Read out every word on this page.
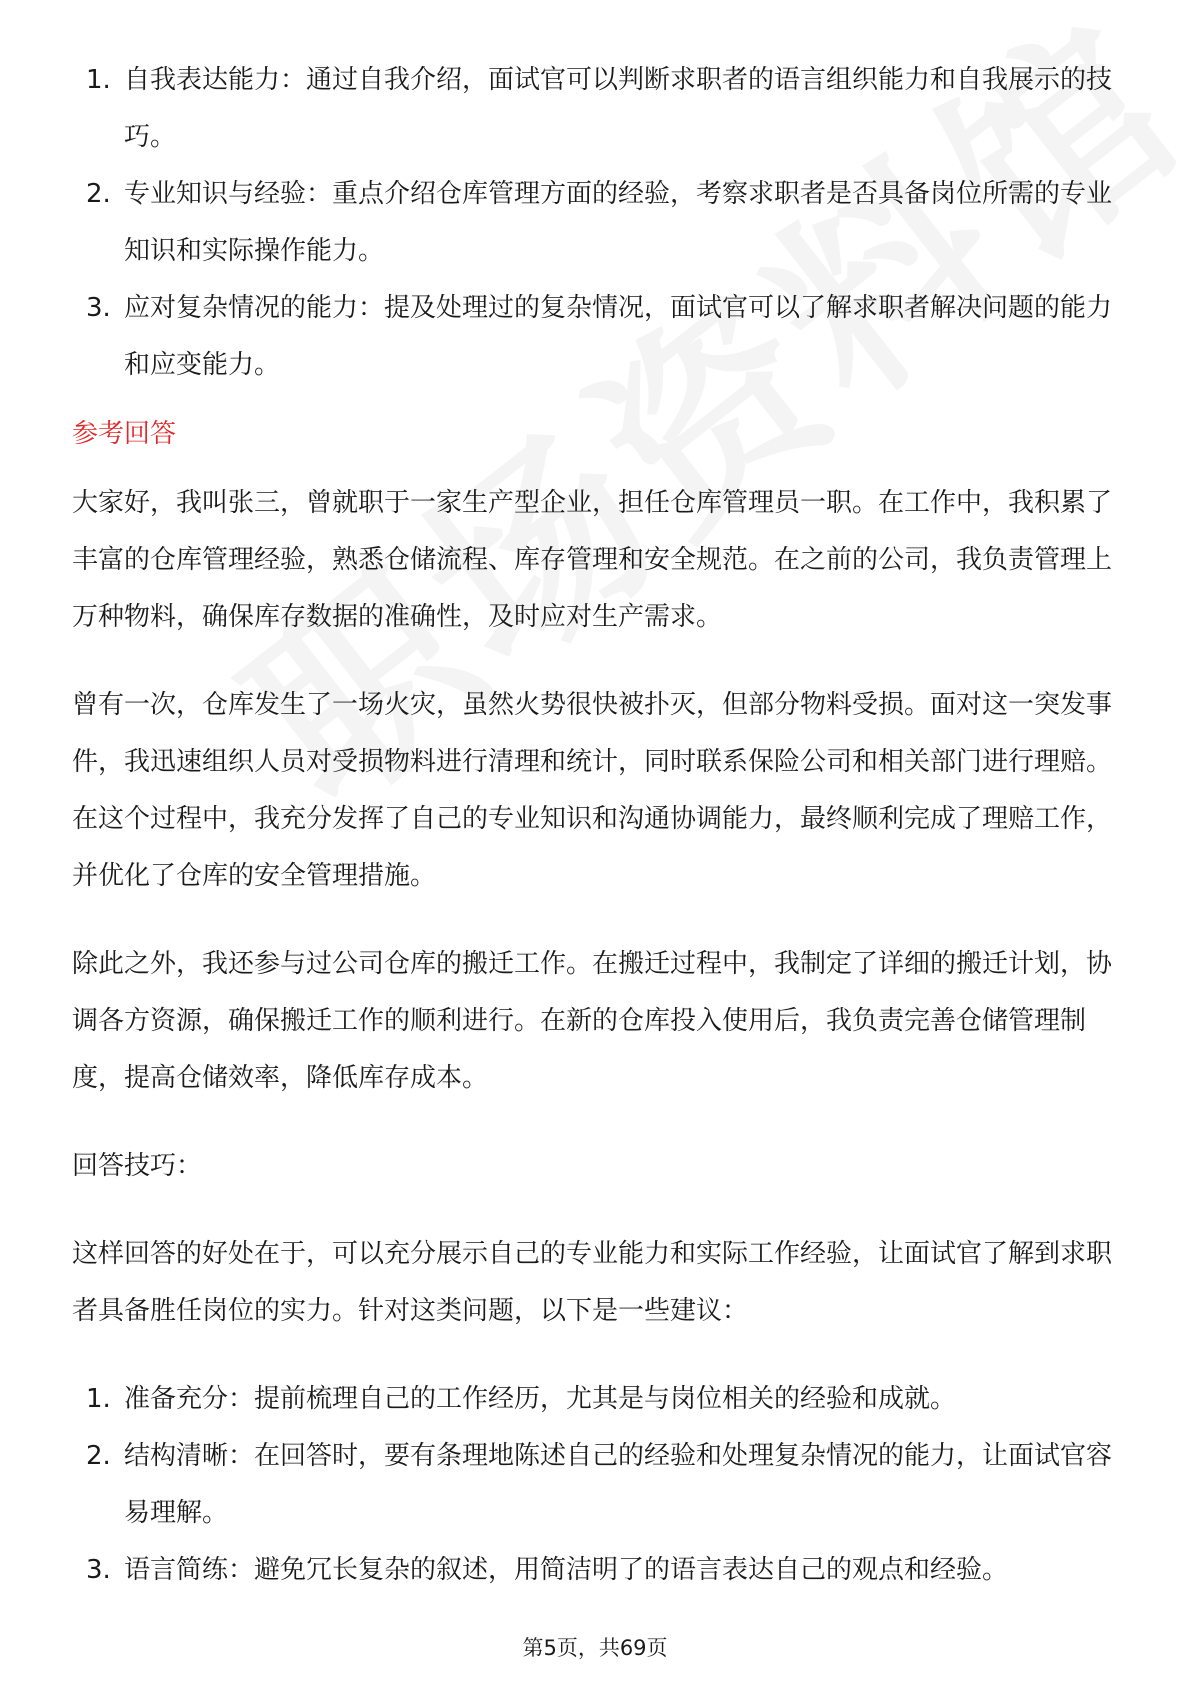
1. 自我表达能力：通过自我介绍，面试官可以判断求职者的语言组织能力和自我展示的技巧。
2. 专业知识与经验：重点介绍仓库管理方面的经验，考察求职者是否具备岗位所需的专业知识和实际操作能力。
3. 应对复杂情况的能力：提及处理过的复杂情况，面试官可以了解求职者解决问题的能力和应变能力。
参考回答

大家好，我叫张三，曾就职于一家生产型企业，担任仓库管理员一职。在工作中，我积累了丰富的仓库管理经验，熟悉仓储流程、库存管理和安全规范。在之前的公司，我负责管理上万种物料，确保库存数据的准确性，及时应对生产需求。

曾有一次，仓库发生了一场火灾，虽然火势很快被扑灭，但部分物料受损。面对这一突发事件，我迅速组织人员对受损物料进行清理和统计，同时联系保险公司和相关部门进行理赔。在这个过程中，我充分发挥了自己的专业知识和沟通协调能力，最终顺利完成了理赔工作，并优化了仓库的安全管理措施。

除此之外，我还参与过公司仓库的搬迁工作。在搬迁过程中，我制定了详细的搬迁计划，协调各方资源，确保搬迁工作的顺利进行。在新的仓库投入使用后，我负责完善仓储管理制度，提高仓储效率，降低库存成本。

回答技巧：

这样回答的好处在于，可以充分展示自己的专业能力和实际工作经验，让面试官了解到求职者具备胜任岗位的实力。针对这类问题，以下是一些建议：

1. 准备充分：提前梳理自己的工作经历，尤其是与岗位相关的经验和成就。
2. 结构清晰：在回答时，要有条理地陈述自己的经验和处理复杂情况的能力，让面试官容易理解。
3. 语言简练：避免冗长复杂的叙述，用简洁明了的语言表达自己的观点和经验。
第5页，共69页
